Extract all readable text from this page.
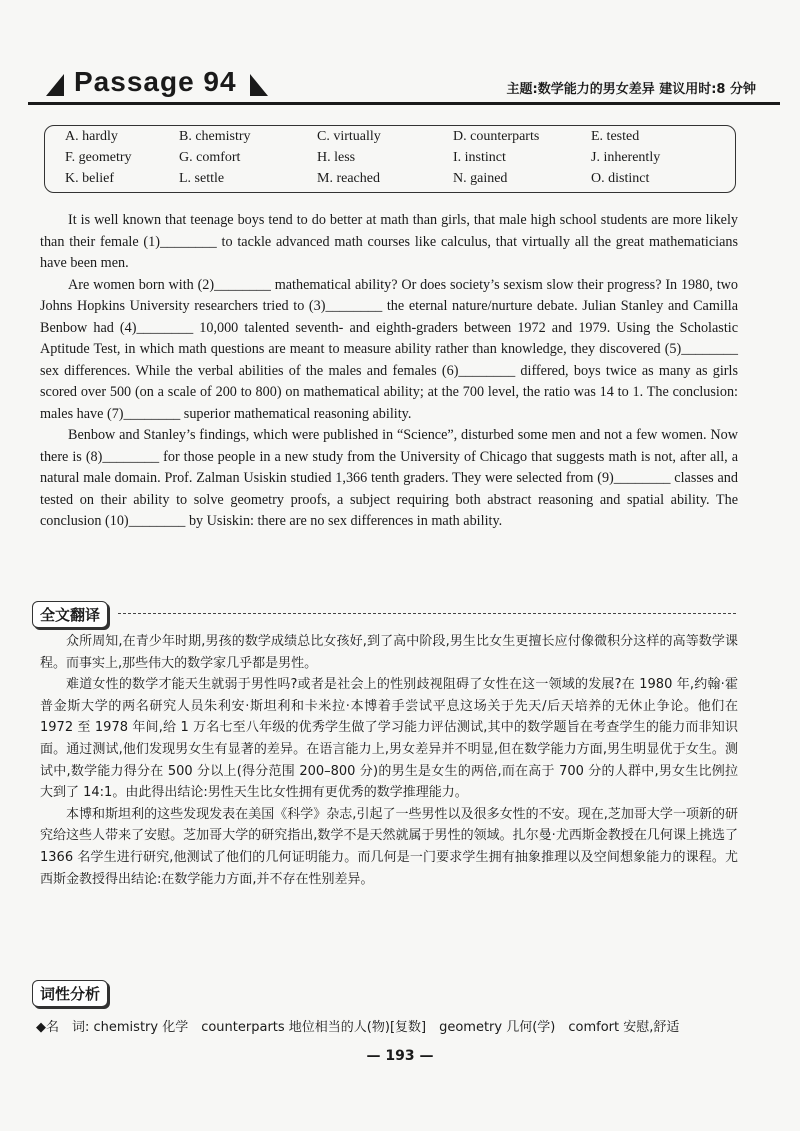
Passage 94	主题:数学能力的男女差异 建议用时:8 分钟
A. hardly	B. chemistry	C. virtually	D. counterparts	E. tested
F. geometry	G. comfort	H. less	I. instinct	J. inherently
K. belief	L. settle	M. reached	N. gained	O. distinct

It is well known that teenage boys tend to do better at math than girls, that male high school students are more likely than their female (1)________ to tackle advanced math courses like calculus, that virtually all the great mathematicians have been men.

Are women born with (2)________ mathematical ability? Or does society’s sexism slow their progress? In 1980, two Johns Hopkins University researchers tried to (3)________ the eternal nature/nurture debate. Julian Stanley and Camilla Benbow had (4)________ 10,000 talented seventh- and eighth-graders between 1972 and 1979. Using the Scholastic Aptitude Test, in which math questions are meant to measure ability rather than knowledge, they discovered (5)________ sex differences. While the verbal abilities of the males and females (6)________ differed, boys twice as many as girls scored over 500 (on a scale of 200 to 800) on mathematical ability; at the 700 level, the ratio was 14 to 1. The conclusion: males have (7)________ superior mathematical reasoning ability.

Benbow and Stanley’s findings, which were published in “Science”, disturbed some men and not a few women. Now there is (8)________ for those people in a new study from the University of Chicago that suggests math is not, after all, a natural male domain. Prof. Zalman Usiskin studied 1,366 tenth graders. They were selected from (9)________ classes and tested on their ability to solve geometry proofs, a subject requiring both abstract reasoning and spatial ability. The conclusion (10)________ by Usiskin: there are no sex differences in math ability.

全文翻译

众所周知,在青少年时期,男孩的数学成绩总比女孩好,到了高中阶段,男生比女生更擅长应付像微积分这样的高等数学课程。而事实上,那些伟大的数学家几乎都是男性。

难道女性的数学才能天生就弱于男性吗?或者是社会上的性别歧视阻碍了女性在这一领域的发展?在 1980 年,约翰·霍普金斯大学的两名研究人员朱利安·斯坦利和卡米拉·本博着手尝试平息这场关于先天/后天培养的无休止争论。他们在 1972 至 1978 年间,给 1 万名七至八年级的优秀学生做了学习能力评估测试,其中的数学题旨在考查学生的能力而非知识面。通过测试,他们发现男女生有显著的差异。在语言能力上,男女差异并不明显,但在数学能力方面,男生明显优于女生。测试中,数学能力得分在 500 分以上(得分范围 200–800 分)的男生是女生的两倍,而在高于 700 分的人群中,男女生比例拉大到了 14:1。由此得出结论:男性天生比女性拥有更优秀的数学推理能力。

本博和斯坦利的这些发现发表在美国《科学》杂志,引起了一些男性以及很多女性的不安。现在,芝加哥大学一项新的研究给这些人带来了安慰。芝加哥大学的研究指出,数学不是天然就属于男性的领域。扎尔曼·尤西斯金教授在几何课上挑选了 1366 名学生进行研究,他测试了他们的几何证明能力。而几何是一门要求学生拥有抽象推理以及空间想象能力的课程。尤西斯金教授得出结论:在数学能力方面,并不存在性别差异。

词性分析
◆名　词: chemistry 化学　counterparts 地位相当的人(物)[复数]　geometry 几何(学)　comfort 安慰,舒适
— 193 —
